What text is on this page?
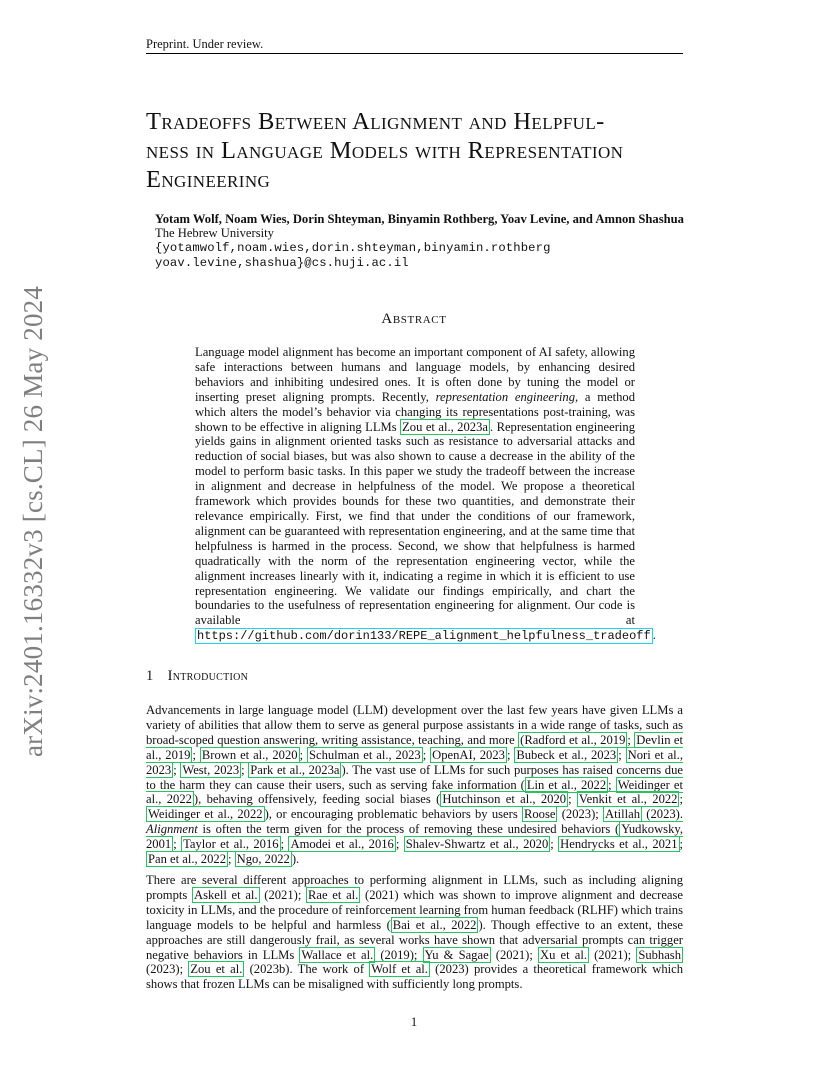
Preprint. Under review.
Tradeoffs Between Alignment and Helpful-
ness in Language Models with Representation
Engineering
Yotam Wolf, Noam Wies, Dorin Shteyman, Binyamin Rothberg, Yoav Levine, and Amnon Shashua
The Hebrew University
{yotamwolf,noam.wies,dorin.shteyman,binyamin.rothberg
yoav.levine,shashua}@cs.huji.ac.il
Abstract

Language model alignment has become an important component of AI safety, allowing safe interactions between humans and language models, by enhancing desired behaviors and inhibiting undesired ones. It is often done by tuning the model or inserting preset aligning prompts. Recently, representation engineering, a method which alters the model’s behavior via changing its representations post-training, was shown to be effective in aligning LLMs Zou et al., 2023a . Representation engineering yields gains in alignment oriented tasks such as resistance to adversarial attacks and reduction of social biases, but was also shown to cause a decrease in the ability of the model to perform basic tasks. In this paper we study the tradeoff between the increase in alignment and decrease in helpfulness of the model. We propose a theoretical framework which provides bounds for these two quantities, and demonstrate their relevance empirically. First, we find that under the conditions of our framework, alignment can be guaranteed with representation engineering, and at the same time that helpfulness is harmed in the process. Second, we show that helpfulness is harmed quadratically with the norm of the representation engineering vector, while the alignment increases linearly with it, indicating a regime in which it is efficient to use representation engineering. We validate our findings empirically, and chart the boundaries to the usefulness of representation engineering for alignment. Our code is available at https://github.com/dorin133/REPE_alignment_helpfulness_tradeoff .

1 Introduction

Advancements in large language model (LLM) development over the last few years have given LLMs a variety of abilities that allow them to serve as general purpose assistants in a wide range of tasks, such as broad-scoped question answering, writing assistance, teaching, and more (Radford et al., 2019 ; Devlin et al., 2019 ; Brown et al., 2020 ; Schulman et al., 2023 ; OpenAI, 2023 ; Bubeck et al., 2023 ; Nori et al., 2023 ; West, 2023 ; Park et al., 2023a ). The vast use of LLMs for such purposes has raised concerns due to the harm they can cause their users, such as serving fake information ( Lin et al., 2022 ; Weidinger et al., 2022 ), behaving offensively, feeding social biases ( Hutchinson et al., 2020 ; Venkit et al., 2022 ; Weidinger et al., 2022 ), or encouraging problematic behaviors by users Roose (2023); Atillah (2023). Alignment is often the term given for the process of removing these undesired behaviors ( Yudkowsky, 2001 ; Taylor et al., 2016 ; Amodei et al., 2016 ; Shalev-Shwartz et al., 2020 ; Hendrycks et al., 2021 ; Pan et al., 2022 ; Ngo, 2022 ).

There are several different approaches to performing alignment in LLMs, such as including aligning prompts Askell et al. (2021); Rae et al. (2021) which was shown to improve alignment and decrease toxicity in LLMs, and the procedure of reinforcement learning from human feedback (RLHF) which trains language models to be helpful and harmless ( Bai et al., 2022 ). Though effective to an extent, these approaches are still dangerously frail, as several works have shown that adversarial prompts can trigger negative behaviors in LLMs Wallace et al. (2019); Yu & Sagae (2021); Xu et al. (2021); Subhash (2023); Zou et al. (2023b). The work of Wolf et al. (2023) provides a theoretical framework which shows that frozen LLMs can be misaligned with sufficiently long prompts.

1
arXiv:2401.16332v3 [cs.CL] 26 May 2024
